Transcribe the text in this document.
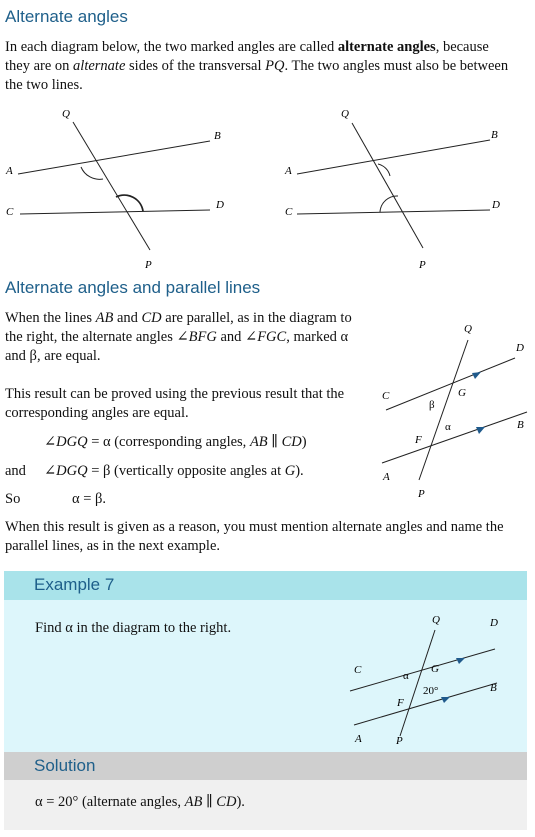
Alternate angles
In each diagram below, the two marked angles are called alternate angles, because they are on alternate sides of the transversal PQ. The two angles must also be between the two lines.
Q
B
A
C
D
P
Q
B
A
C
D
P
Alternate angles and parallel lines
When the lines AB and CD are parallel, as in the diagram to the right, the alternate angles ∠BFG and ∠FGC, marked α and β, are equal.
This result can be proved using the previous result that the corresponding angles are equal.
∠DGQ = α (corresponding angles, AB ∥ CD)
and ∠DGQ = β (vertically opposite angles at G).
So	α = β.
Q
D
C	G
β
α
F
B
A
P
When this result is given as a reason, you must mention alternate angles and name the parallel lines, as in the next example.
Example 7
Find α in the diagram to the right.	Q	D
C	α
G
20°
F
B
A	P
Solution
α = 20° (alternate angles, AB ∥ CD).
